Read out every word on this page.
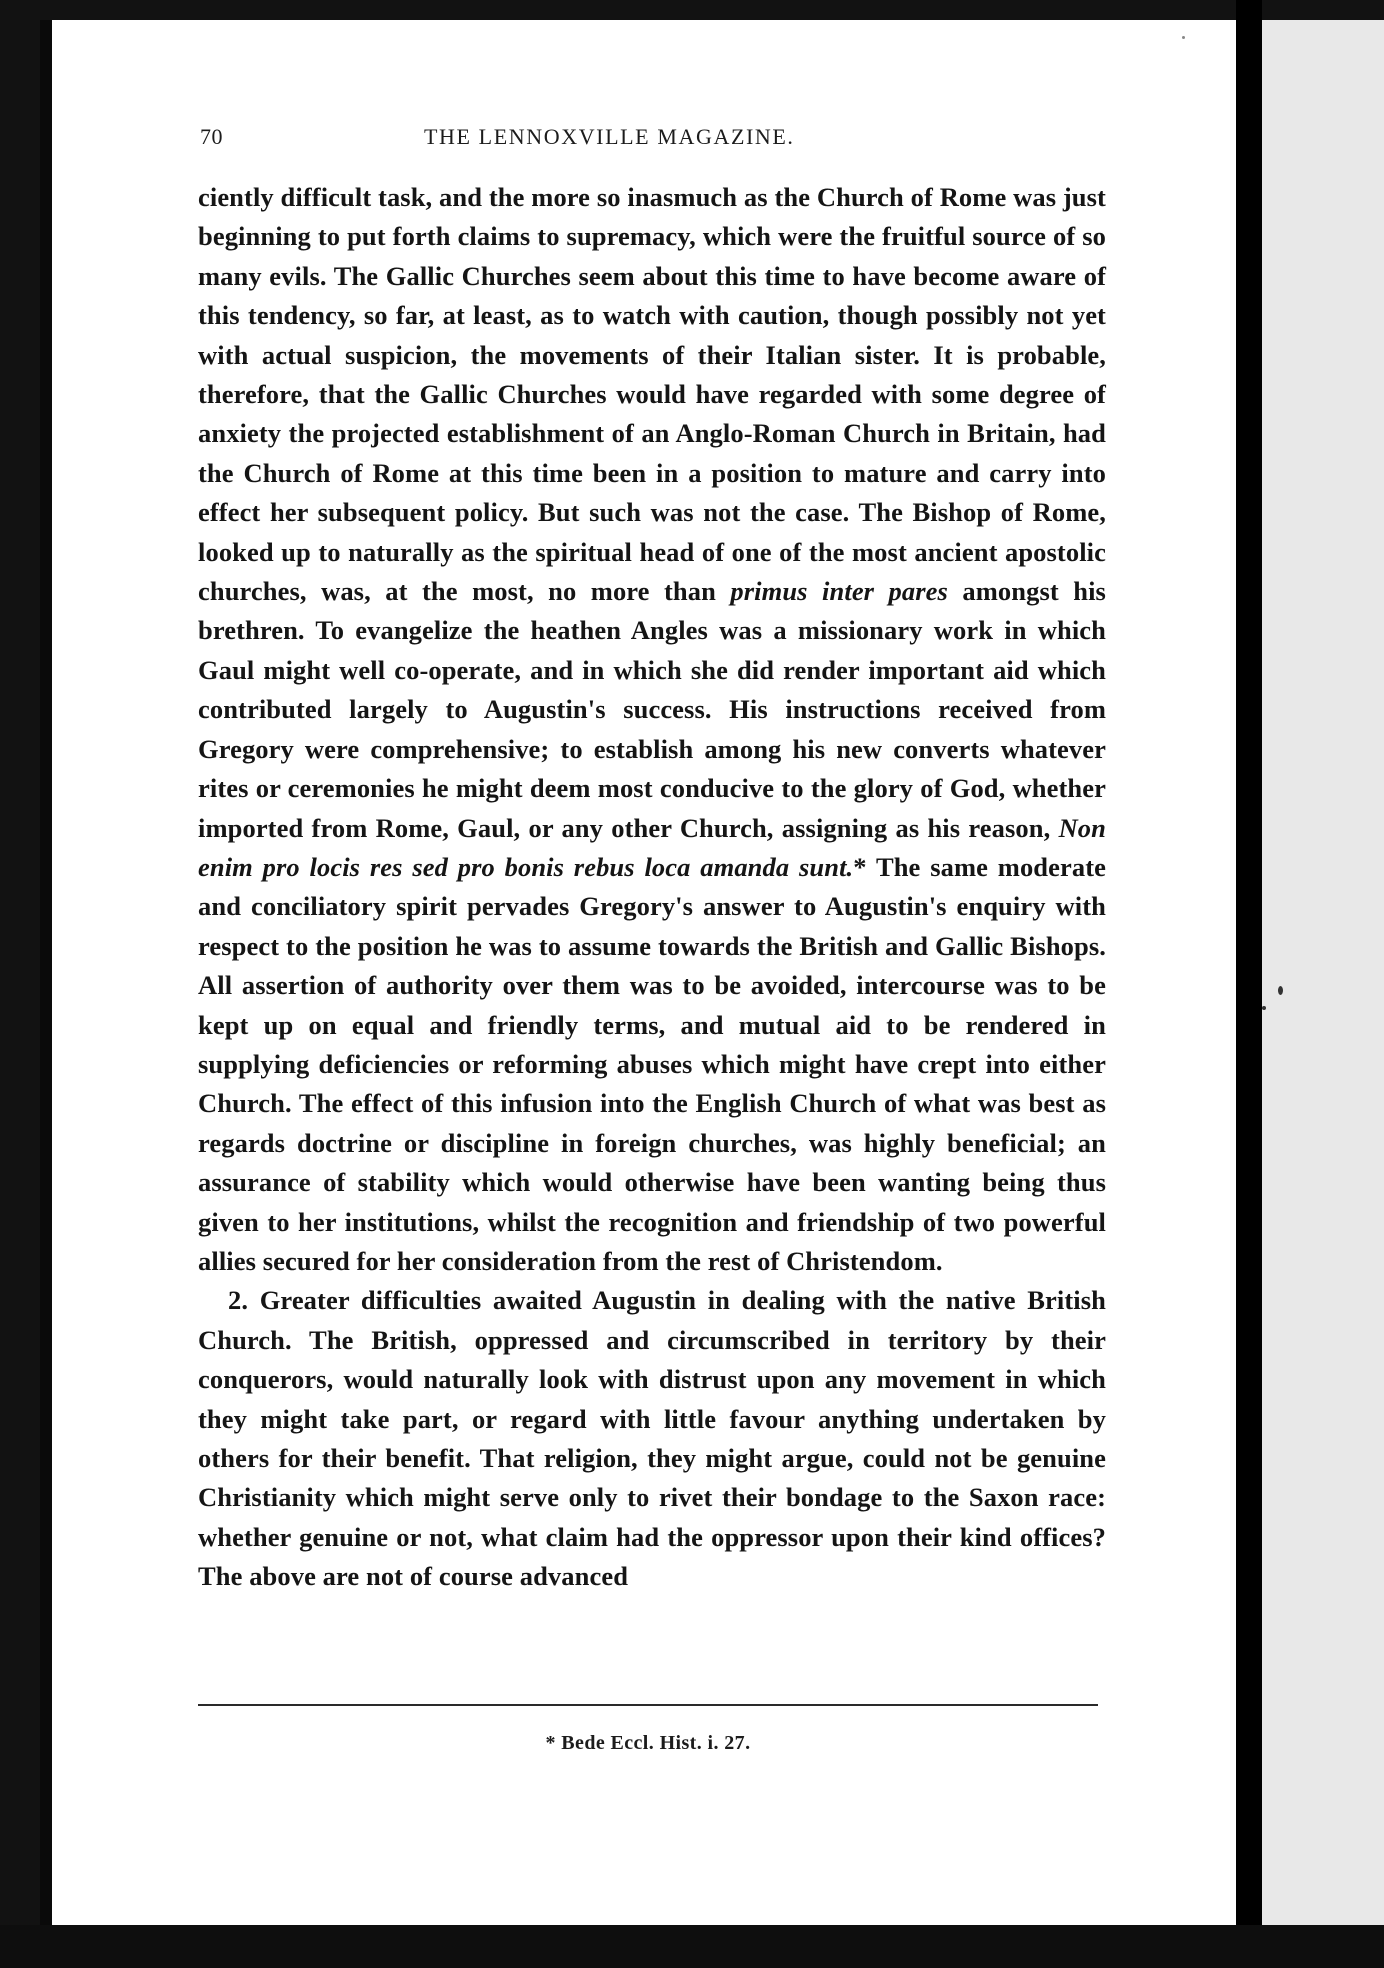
70	THE LENNOXVILLE MAGAZINE.

ciently difficult task, and the more so inasmuch as the Church of Rome was just beginning to put forth claims to supremacy, which were the fruitful source of so many evils. The Gallic Churches seem about this time to have become aware of this tendency, so far, at least, as to watch with caution, though possibly not yet with actual suspicion, the movements of their Italian sister. It is probable, therefore, that the Gallic Churches would have regarded with some degree of anxiety the projected establishment of an Anglo-Roman Church in Britain, had the Church of Rome at this time been in a position to mature and carry into effect her subsequent policy. But such was not the case. The Bishop of Rome, looked up to naturally as the spiritual head of one of the most ancient apostolic churches, was, at the most, no more than primus inter pares amongst his brethren. To evangelize the heathen Angles was a missionary work in which Gaul might well co-operate, and in which she did render important aid which contributed largely to Augustin's success. His instructions received from Gregory were comprehensive; to establish among his new converts whatever rites or ceremonies he might deem most conducive to the glory of God, whether imported from Rome, Gaul, or any other Church, assigning as his reason, Non enim pro locis res sed pro bonis rebus loca amanda sunt.* The same moderate and conciliatory spirit pervades Gregory's answer to Augustin's enquiry with respect to the position he was to assume towards the British and Gallic Bishops. All assertion of authority over them was to be avoided, intercourse was to be kept up on equal and friendly terms, and mutual aid to be rendered in supplying deficiencies or reforming abuses which might have crept into either Church. The effect of this infusion into the English Church of what was best as regards doctrine or discipline in foreign churches, was highly beneficial; an assurance of stability which would otherwise have been wanting being thus given to her institutions, whilst the recognition and friendship of two powerful allies secured for her consideration from the rest of Christendom.

2. Greater difficulties awaited Augustin in dealing with the native British Church. The British, oppressed and circumscribed in territory by their conquerors, would naturally look with distrust upon any movement in which they might take part, or regard with little favour anything undertaken by others for their benefit. That religion, they might argue, could not be genuine Christianity which might serve only to rivet their bondage to the Saxon race: whether genuine or not, what claim had the oppressor upon their kind offices? The above are not of course advanced

* Bede Eccl. Hist. i. 27.
